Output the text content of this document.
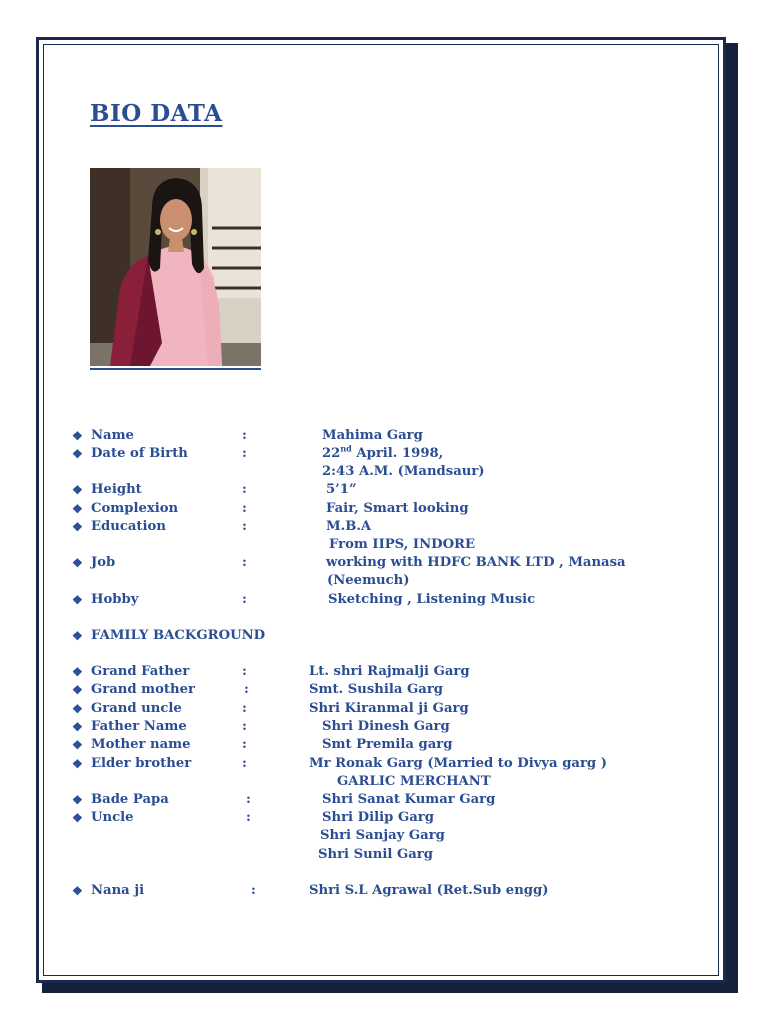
BIO DATA
❖ Name	:	Mahima Garg
❖ Date of Birth	:	22nd April. 1998,
2:43 A.M. (Mandsaur)
❖ Height	:	5’1”
❖ Complexion	:	Fair, Smart looking
❖ Education	:	M.B.A
From IIPS, INDORE
❖ Job	:	working with HDFC BANK LTD , Manasa
(Neemuch)
❖ Hobby	:	Sketching , Listening Music
❖ FAMILY BACKGROUND
❖ Grand Father	:	Lt. shri Rajmalji Garg
❖ Grand mother	:	Smt. Sushila Garg
❖ Grand uncle	:	Shri Kiranmal ji Garg
❖ Father Name	:	Shri Dinesh Garg
❖ Mother name	:	Smt Premila garg
❖ Elder brother	:	Mr Ronak Garg (Married to Divya garg )
GARLIC MERCHANT
❖ Bade Papa	:	Shri Sanat Kumar Garg
❖ Uncle	:	Shri Dilip Garg
Shri Sanjay Garg
Shri Sunil Garg
❖ Nana ji	:	Shri S.L Agrawal (Ret.Sub engg)
